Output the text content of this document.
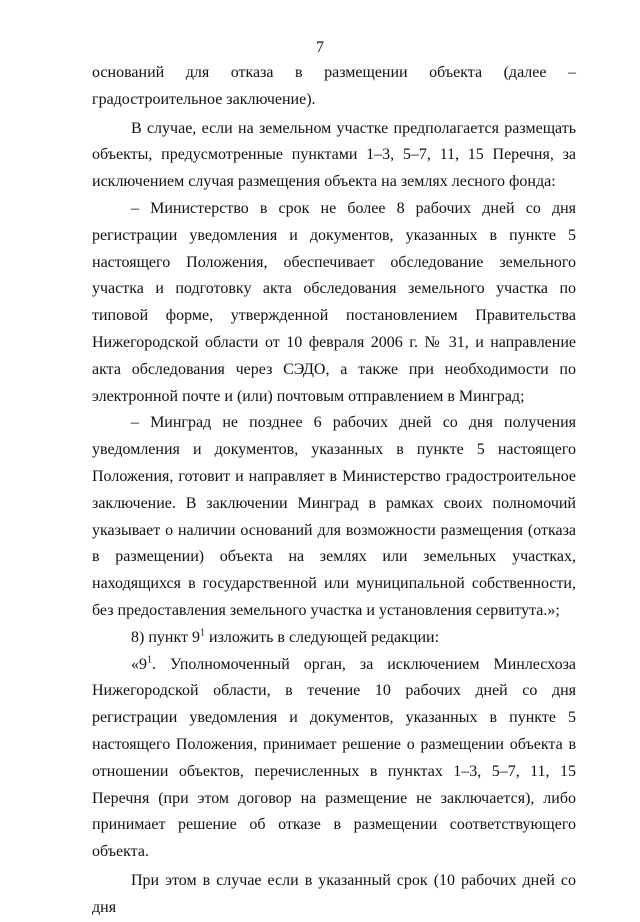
7

оснований для отказа в размещении объекта (далее – градостроительное заключение).

В случае, если на земельном участке предполагается размещать объекты, предусмотренные пунктами 1–3, 5–7, 11, 15 Перечня, за исключением случая размещения объекта на землях лесного фонда:

– Министерство в срок не более 8 рабочих дней со дня регистрации уведомления и документов, указанных в пункте 5 настоящего Положения, обеспечивает обследование земельного участка и подготовку акта обследования земельного участка по типовой форме, утвержденной постановлением Правительства Нижегородской области от 10 февраля 2006 г. № 31, и направление акта обследования через СЭДО, а также при необходимости по электронной почте и (или) почтовым отправлением в Минград;

– Минград не позднее 6 рабочих дней со дня получения уведомления и документов, указанных в пункте 5 настоящего Положения, готовит и направляет в Министерство градостроительное заключение. В заключении Минград в рамках своих полномочий указывает о наличии оснований для возможности размещения (отказа в размещении) объекта на землях или земельных участках, находящихся в государственной или муниципальной собственности, без предоставления земельного участка и установления сервитута.»;

8) пункт $9^1$ изложить в следующей редакции:

«$9^1$. Уполномоченный орган, за исключением Минлесхоза Нижегородской области, в течение 10 рабочих дней со дня регистрации уведомления и документов, указанных в пункте 5 настоящего Положения, принимает решение о размещении объекта в отношении объектов, перечисленных в пунктах 1–3, 5–7, 11, 15 Перечня (при этом договор на размещение не заключается), либо принимает решение об отказе в размещении соответствующего объекта.

При этом в случае если в указанный срок (10 рабочих дней со дня
